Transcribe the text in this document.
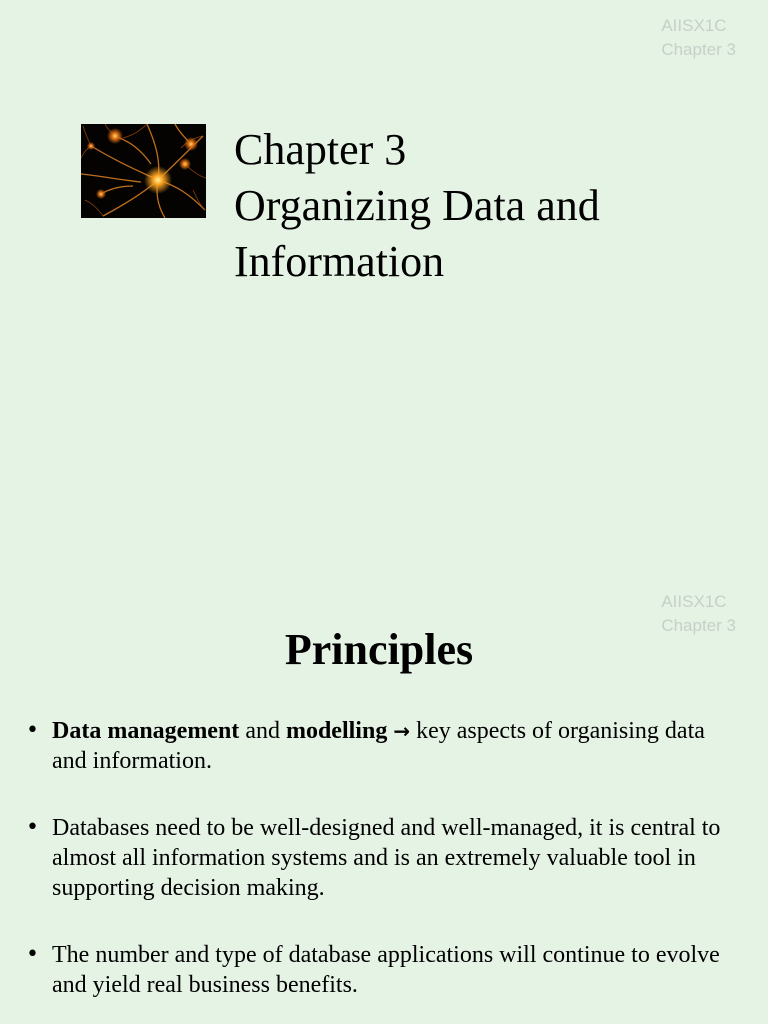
AIISX1C
Chapter 3
Chapter 3
Organizing Data and
Information
AIISX1C
Chapter 3
Principles
• Data management and modelling → key aspects of organising data and information.
• Databases need to be well-designed and well-managed, it is central to almost all information systems and is an extremely valuable tool in supporting decision making.
• The number and type of database applications will continue to evolve and yield real business benefits.
